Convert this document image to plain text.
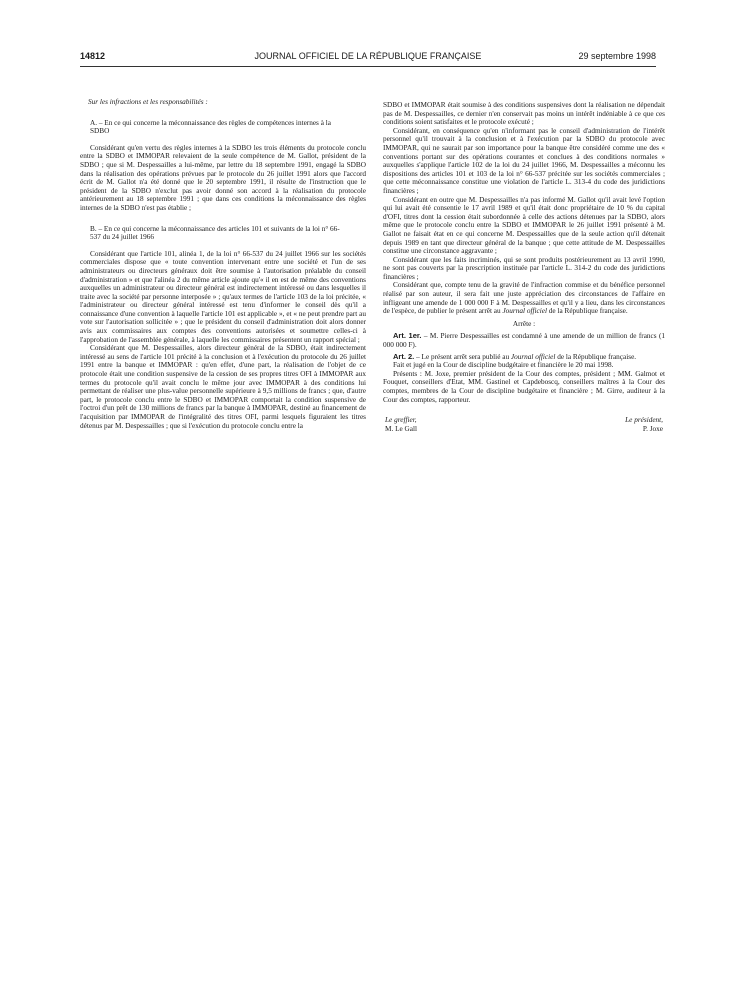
14812	JOURNAL OFFICIEL DE LA RÉPUBLIQUE FRANÇAISE	29 septembre 1998

Sur les infractions et les responsabilités :

A. – En ce qui concerne la méconnaissance des règles de compétences internes à la SDBO

Considérant qu'en vertu des règles internes à la SDBO les trois éléments du protocole conclu entre la SDBO et IMMOPAR relevaient de la seule compétence de M. Gallot, président de la SDBO ; que si M. Despessailles a lui-même, par lettre du 18 septembre 1991, engagé la SDBO dans la réalisation des opérations prévues par le protocole du 26 juillet 1991 alors que l'accord écrit de M. Gallot n'a été donné que le 20 septembre 1991, il résulte de l'instruction que le président de la SDBO n'exclut pas avoir donné son accord à la réalisation du protocole antérieurement au 18 septembre 1991 ; que dans ces conditions la méconnaissance des règles internes de la SDBO n'est pas établie ;

B. – En ce qui concerne la méconnaissance des articles 101 et suivants de la loi n° 66-537 du 24 juillet 1966

Considérant que l'article 101, alinéa 1, de la loi n° 66-537 du 24 juillet 1966 sur les sociétés commerciales dispose que « toute convention intervenant entre une société et l'un de ses administrateurs ou directeurs généraux doit être soumise à l'autorisation préalable du conseil d'administration » et que l'alinéa 2 du même article ajoute qu'« il en est de même des conventions auxquelles un administrateur ou directeur général est indirectement intéressé ou dans lesquelles il traite avec la société par personne interposée » ; qu'aux termes de l'article 103 de la loi précitée, « l'administrateur ou directeur général intéressé est tenu d'informer le conseil dès qu'il a connaissance d'une convention à laquelle l'article 101 est applicable », et « ne peut prendre part au vote sur l'autorisation sollicitée » ; que le président du conseil d'administration doit alors donner avis aux commissaires aux comptes des conventions autorisées et soumettre celles-ci à l'approbation de l'assemblée générale, à laquelle les commissaires présentent un rapport spécial ;

Considérant que M. Despessailles, alors directeur général de la SDBO, était indirectement intéressé au sens de l'article 101 précité à la conclusion et à l'exécution du protocole du 26 juillet 1991 entre la banque et IMMOPAR : qu'en effet, d'une part, la réalisation de l'objet de ce protocole était une condition suspensive de la cession de ses propres titres OFI à IMMOPAR aux termes du protocole qu'il avait conclu le même jour avec IMMOPAR à des conditions lui permettant de réaliser une plus-value personnelle supérieure à 9,5 millions de francs ; que, d'autre part, le protocole conclu entre le SDBO et IMMOPAR comportait la condition suspensive de l'octroi d'un prêt de 130 millions de francs par la banque à IMMOPAR, destiné au financement de l'acquisition par IMMOPAR de l'intégralité des titres OFI, parmi lesquels figuraient les titres détenus par M. Despessailles ; que si l'exécution du protocole conclu entre la

SDBO et IMMOPAR était soumise à des conditions suspensives dont la réalisation ne dépendait pas de M. Despessailles, ce dernier n'en conservait pas moins un intérêt indéniable à ce que ces conditions soient satisfaites et le protocole exécuté ;

Considérant, en conséquence qu'en n'informant pas le conseil d'administration de l'intérêt personnel qu'il trouvait à la conclusion et à l'exécution par la SDBO du protocole avec IMMOPAR, qui ne saurait par son importance pour la banque être considéré comme une des « conventions portant sur des opérations courantes et conclues à des conditions normales » auxquelles s'applique l'article 102 de la loi du 24 juillet 1966, M. Despessailles a méconnu les dispositions des articles 101 et 103 de la loi n° 66-537 précitée sur les sociétés commerciales ; que cette méconnaissance constitue une violation de l'article L. 313-4 du code des juridictions financières ;

Considérant en outre que M. Despessailles n'a pas informé M. Gallot qu'il avait levé l'option qui lui avait été consentie le 17 avril 1989 et qu'il était donc propriétaire de 10 % du capital d'OFI, titres dont la cession était subordonnée à celle des actions détenues par la SDBO, alors même que le protocole conclu entre la SDBO et IMMOPAR le 26 juillet 1991 présenté à M. Gallot ne faisait état en ce qui concerne M. Despessailles que de la seule action qu'il détenait depuis 1989 en tant que directeur général de la banque ; que cette attitude de M. Despessailles constitue une circonstance aggravante ;

Considérant que les faits incriminés, qui se sont produits postérieurement au 13 avril 1990, ne sont pas couverts par la prescription instituée par l'article L. 314-2 du code des juridictions financières ;

Considérant que, compte tenu de la gravité de l'infraction commise et du bénéfice personnel réalisé par son auteur, il sera fait une juste appréciation des circonstances de l'affaire en infligeant une amende de 1 000 000 F à M. Despessailles et qu'il y a lieu, dans les circonstances de l'espèce, de publier le présent arrêt au Journal officiel de la République française.

Arrête :

Art. 1er. – M. Pierre Despessailles est condamné à une amende de un million de francs (1 000 000 F).

Art. 2. – Le présent arrêt sera publié au Journal officiel de la République française.

Fait et jugé en la Cour de discipline budgétaire et financière le 20 mai 1998.

Présents : M. Joxe, premier président de la Cour des comptes, président ; MM. Galmot et Fouquet, conseillers d'Etat, MM. Gastinel et Capdeboscq, conseillers maîtres à la Cour des comptes, membres de la Cour de discipline budgétaire et financière ; M. Girre, auditeur à la Cour des comptes, rapporteur.

Le greffier,
M. Le Gall
Le président,
P. Joxe
